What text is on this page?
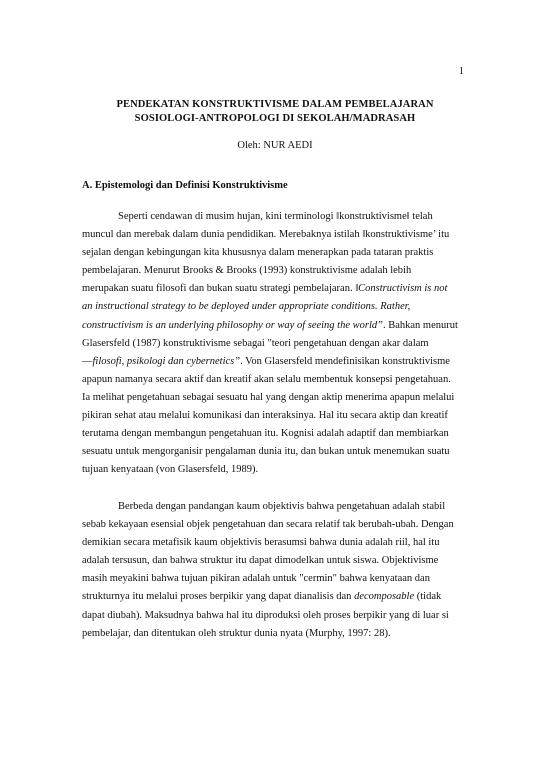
1
PENDEKATAN KONSTRUKTIVISME DALAM PEMBELAJARAN
SOSIOLOGI-ANTROPOLOGI DI SEKOLAH/MADRASAH
Oleh: NUR AEDI
A. Epistemologi dan Definisi Konstruktivisme
Seperti cendawan di musim hujan, kini terminologi ‖konstruktivisme‖ telah
muncul dan merebak dalam dunia pendidikan. Merebaknya istilah ‖konstruktivisme’ itu
sejalan dengan kebingungan kita khususnya dalam menerapkan pada tataran praktis
pembelajaran. Menurut Brooks & Brooks (1993) konstruktivisme adalah lebih
merupakan suatu filosofi dan bukan suatu strategi pembelajaran. ‖Constructivism is not
an instructional strategy to be deployed under appropriate conditions. Rather,
constructivism is an underlying philosophy or way of seeing the world”. Bahkan menurut
Glasersfeld (1987) konstruktivisme sebagai "teori pengetahuan dengan akar dalam
—filosofi, psikologi dan cybernetics”. Von Glasersfeld mendefinisikan konstruktivisme
apapun namanya secara aktif dan kreatif akan selalu membentuk konsepsi pengetahuan.
Ia melihat pengetahuan sebagai sesuatu hal yang dengan aktip menerima apapun melalui
pikiran sehat atau melalui komunikasi dan interaksinya. Hal itu secara aktip dan kreatif
terutama dengan membangun pengetahuan itu. Kognisi adalah adaptif dan membiarkan
sesuatu untuk mengorganisir pengalaman dunia itu, dan bukan untuk menemukan suatu
tujuan kenyataan (von Glasersfeld, 1989).
Berbeda dengan pandangan kaum objektivis bahwa pengetahuan adalah stabil
sebab kekayaan esensial objek pengetahuan dan secara relatif tak berubah-ubah. Dengan
demikian secara metafisik kaum objektivis berasumsi bahwa dunia adalah riil, hal itu
adalah tersusun, dan bahwa struktur itu dapat dimodelkan untuk siswa. Objektivisme
masih meyakini bahwa tujuan pikiran adalah untuk "cermin" bahwa kenyataan dan
strukturnya itu melalui proses berpikir yang dapat dianalisis dan decomposable (tidak
dapat diubah). Maksudnya bahwa hal itu diproduksi oleh proses berpikir yang di luar si
pembelajar, dan ditentukan oleh struktur dunia nyata (Murphy, 1997: 28).
